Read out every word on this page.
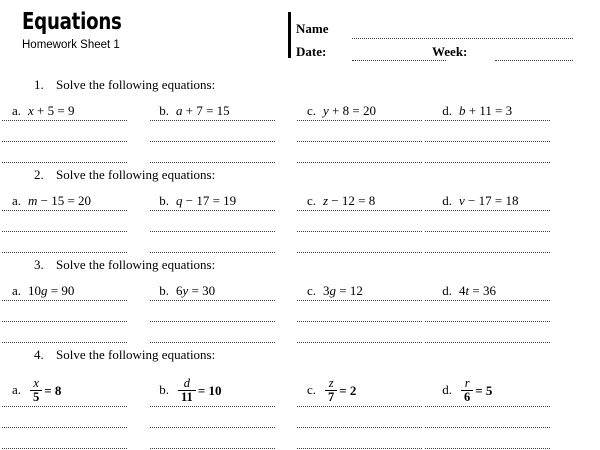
Equations
Homework Sheet 1
Name
Date:	Week:
1. Solve the following equations:
a. x + 5 = 9	b. a + 7 = 15	c. y + 8 = 20	d. b + 11 = 3
2. Solve the following equations:
a. m − 15 = 20	b. q − 17 = 19	c. z − 12 = 8	d. v − 17 = 18
3. Solve the following equations:
a. 10g = 90	b. 6y = 30	c. 3g = 12	d. 4t = 36
4. Solve the following equations:
a. $\frac{x}{5} = 8$	b. $\frac{d}{11} = 10$	c. $\frac{z}{7} = 2$	d. $\frac{r}{6} = 5$
